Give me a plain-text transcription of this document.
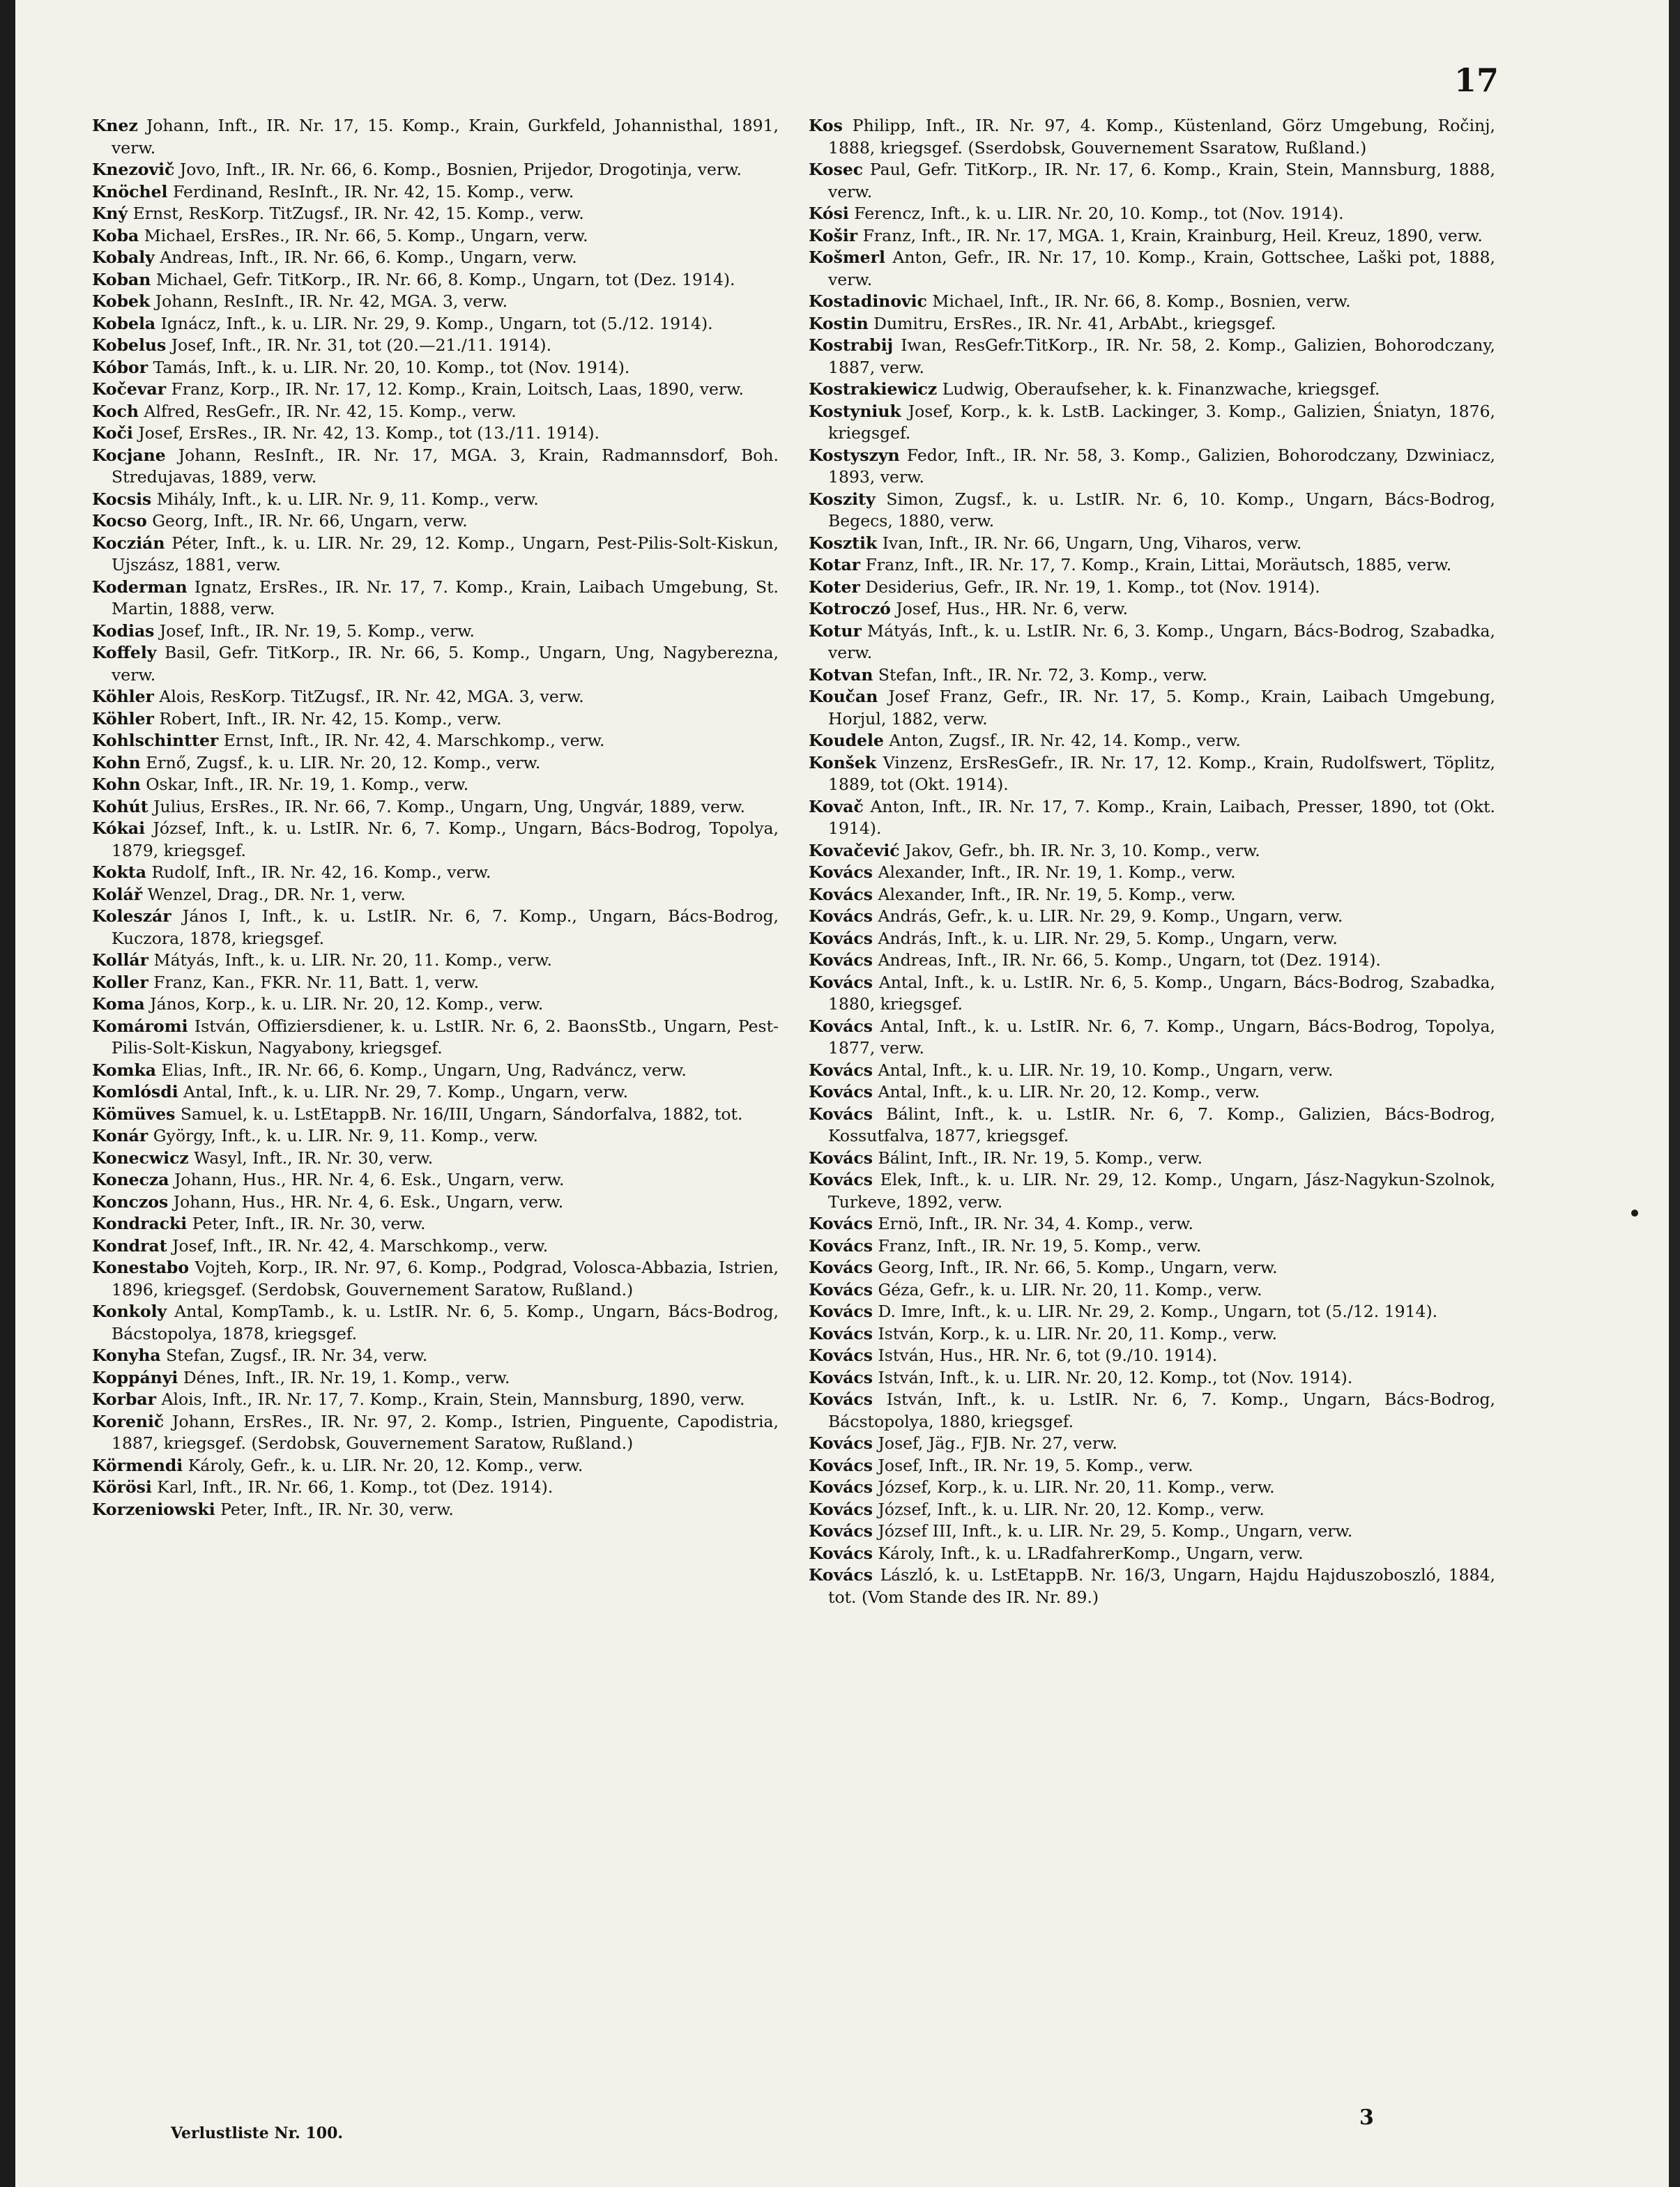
17

Knez Johann, Inft., IR. Nr. 17, 15. Komp., Krain, Gurkfeld, Johannisthal, 1891, verw.

Knezovič Jovo, Inft., IR. Nr. 66, 6. Komp., Bosnien, Prijedor, Drogotinja, verw.

Knöchel Ferdinand, ResInft., IR. Nr. 42, 15. Komp., verw.

Kný Ernst, ResKorp. TitZugsf., IR. Nr. 42, 15. Komp., verw.

Koba Michael, ErsRes., IR. Nr. 66, 5. Komp., Ungarn, verw.

Kobaly Andreas, Inft., IR. Nr. 66, 6. Komp., Ungarn, verw.

Koban Michael, Gefr. TitKorp., IR. Nr. 66, 8. Komp., Ungarn, tot (Dez. 1914).

Kobek Johann, ResInft., IR. Nr. 42, MGA. 3, verw.

Kobela Ignácz, Inft., k. u. LIR. Nr. 29, 9. Komp., Ungarn, tot (5./12. 1914).

Kobelus Josef, Inft., IR. Nr. 31, tot (20.—21./11. 1914).

Kóbor Tamás, Inft., k. u. LIR. Nr. 20, 10. Komp., tot (Nov. 1914).

Kočevar Franz, Korp., IR. Nr. 17, 12. Komp., Krain, Loitsch, Laas, 1890, verw.

Koch Alfred, ResGefr., IR. Nr. 42, 15. Komp., verw.

Koči Josef, ErsRes., IR. Nr. 42, 13. Komp., tot (13./11. 1914).

Kocjane Johann, ResInft., IR. Nr. 17, MGA. 3, Krain, Radmannsdorf, Boh. Stredujavas, 1889, verw.

Kocsis Mihály, Inft., k. u. LIR. Nr. 9, 11. Komp., verw.

Kocso Georg, Inft., IR. Nr. 66, Ungarn, verw.

Koczián Péter, Inft., k. u. LIR. Nr. 29, 12. Komp., Ungarn, Pest-Pilis-Solt-Kiskun, Ujszász, 1881, verw.

Koderman Ignatz, ErsRes., IR. Nr. 17, 7. Komp., Krain, Laibach Umgebung, St. Martin, 1888, verw.

Kodias Josef, Inft., IR. Nr. 19, 5. Komp., verw.

Koffely Basil, Gefr. TitKorp., IR. Nr. 66, 5. Komp., Ungarn, Ung, Nagyberezna, verw.

Köhler Alois, ResKorp. TitZugsf., IR. Nr. 42, MGA. 3, verw.

Köhler Robert, Inft., IR. Nr. 42, 15. Komp., verw.

Kohlschintter Ernst, Inft., IR. Nr. 42, 4. Marschkomp., verw.

Kohn Ernő, Zugsf., k. u. LIR. Nr. 20, 12. Komp., verw.

Kohn Oskar, Inft., IR. Nr. 19, 1. Komp., verw.

Kohút Julius, ErsRes., IR. Nr. 66, 7. Komp., Ungarn, Ung, Ungvár, 1889, verw.

Kókai József, Inft., k. u. LstIR. Nr. 6, 7. Komp., Ungarn, Bács-Bodrog, Topolya, 1879, kriegsgef.

Kokta Rudolf, Inft., IR. Nr. 42, 16. Komp., verw.

Kolář Wenzel, Drag., DR. Nr. 1, verw.

Koleszár János I, Inft., k. u. LstIR. Nr. 6, 7. Komp., Ungarn, Bács-Bodrog, Kuczora, 1878, kriegsgef.

Kollár Mátyás, Inft., k. u. LIR. Nr. 20, 11. Komp., verw.

Koller Franz, Kan., FKR. Nr. 11, Batt. 1, verw.

Koma János, Korp., k. u. LIR. Nr. 20, 12. Komp., verw.

Komáromi István, Offiziersdiener, k. u. LstIR. Nr. 6, 2. BaonsStb., Ungarn, Pest-Pilis-Solt-Kiskun, Nagyabony, kriegsgef.

Komka Elias, Inft., IR. Nr. 66, 6. Komp., Ungarn, Ung, Radváncz, verw.

Komlósdi Antal, Inft., k. u. LIR. Nr. 29, 7. Komp., Ungarn, verw.

Kömüves Samuel, k. u. LstEtappB. Nr. 16/III, Ungarn, Sándorfalva, 1882, tot.

Konár György, Inft., k. u. LIR. Nr. 9, 11. Komp., verw.

Konecwicz Wasyl, Inft., IR. Nr. 30, verw.

Konecza Johann, Hus., HR. Nr. 4, 6. Esk., Ungarn, verw.

Konczos Johann, Hus., HR. Nr. 4, 6. Esk., Ungarn, verw.

Kondracki Peter, Inft., IR. Nr. 30, verw.

Kondrat Josef, Inft., IR. Nr. 42, 4. Marschkomp., verw.

Konestabo Vojteh, Korp., IR. Nr. 97, 6. Komp., Podgrad, Volosca-Abbazia, Istrien, 1896, kriegsgef. (Serdobsk, Gouvernement Saratow, Rußland.)

Konkoly Antal, KompTamb., k. u. LstIR. Nr. 6, 5. Komp., Ungarn, Bács-Bodrog, Bácstopolya, 1878, kriegsgef.

Konyha Stefan, Zugsf., IR. Nr. 34, verw.

Koppányi Dénes, Inft., IR. Nr. 19, 1. Komp., verw.

Korbar Alois, Inft., IR. Nr. 17, 7. Komp., Krain, Stein, Mannsburg, 1890, verw.

Korenič Johann, ErsRes., IR. Nr. 97, 2. Komp., Istrien, Pinguente, Capodistria, 1887, kriegsgef. (Serdobsk, Gouvernement Saratow, Rußland.)

Körmendi Károly, Gefr., k. u. LIR. Nr. 20, 12. Komp., verw.

Körösi Karl, Inft., IR. Nr. 66, 1. Komp., tot (Dez. 1914).

Korzeniowski Peter, Inft., IR. Nr. 30, verw.

Kos Philipp, Inft., IR. Nr. 97, 4. Komp., Küstenland, Görz Umgebung, Ročinj, 1888, kriegsgef. (Sserdobsk, Gouvernement Ssaratow, Rußland.)

Kosec Paul, Gefr. TitKorp., IR. Nr. 17, 6. Komp., Krain, Stein, Mannsburg, 1888, verw.

Kósi Ferencz, Inft., k. u. LIR. Nr. 20, 10. Komp., tot (Nov. 1914).

Košir Franz, Inft., IR. Nr. 17, MGA. 1, Krain, Krainburg, Heil. Kreuz, 1890, verw.

Košmerl Anton, Gefr., IR. Nr. 17, 10. Komp., Krain, Gottschee, Laški pot, 1888, verw.

Kostadinovic Michael, Inft., IR. Nr. 66, 8. Komp., Bosnien, verw.

Kostin Dumitru, ErsRes., IR. Nr. 41, ArbAbt., kriegsgef.

Kostrabij Iwan, ResGefr.TitKorp., IR. Nr. 58, 2. Komp., Galizien, Bohorodczany, 1887, verw.

Kostrakiewicz Ludwig, Oberaufseher, k. k. Finanzwache, kriegsgef.

Kostyniuk Josef, Korp., k. k. LstB. Lackinger, 3. Komp., Galizien, Śniatyn, 1876, kriegsgef.

Kostyszyn Fedor, Inft., IR. Nr. 58, 3. Komp., Galizien, Bohorodczany, Dzwiniacz, 1893, verw.

Koszity Simon, Zugsf., k. u. LstIR. Nr. 6, 10. Komp., Ungarn, Bács-Bodrog, Begecs, 1880, verw.

Kosztik Ivan, Inft., IR. Nr. 66, Ungarn, Ung, Viharos, verw.

Kotar Franz, Inft., IR. Nr. 17, 7. Komp., Krain, Littai, Moräutsch, 1885, verw.

Koter Desiderius, Gefr., IR. Nr. 19, 1. Komp., tot (Nov. 1914).

Kotroczó Josef, Hus., HR. Nr. 6, verw.

Kotur Mátyás, Inft., k. u. LstIR. Nr. 6, 3. Komp., Ungarn, Bács-Bodrog, Szabadka, verw.

Kotvan Stefan, Inft., IR. Nr. 72, 3. Komp., verw.

Koučan Josef Franz, Gefr., IR. Nr. 17, 5. Komp., Krain, Laibach Umgebung, Horjul, 1882, verw.

Koudele Anton, Zugsf., IR. Nr. 42, 14. Komp., verw.

Konšek Vinzenz, ErsResGefr., IR. Nr. 17, 12. Komp., Krain, Rudolfswert, Töplitz, 1889, tot (Okt. 1914).

Kovač Anton, Inft., IR. Nr. 17, 7. Komp., Krain, Laibach, Presser, 1890, tot (Okt. 1914).

Kovačević Jakov, Gefr., bh. IR. Nr. 3, 10. Komp., verw.

Kovács Alexander, Inft., IR. Nr. 19, 1. Komp., verw.

Kovács Alexander, Inft., IR. Nr. 19, 5. Komp., verw.

Kovács András, Gefr., k. u. LIR. Nr. 29, 9. Komp., Ungarn, verw.

Kovács András, Inft., k. u. LIR. Nr. 29, 5. Komp., Ungarn, verw.

Kovács Andreas, Inft., IR. Nr. 66, 5. Komp., Ungarn, tot (Dez. 1914).

Kovács Antal, Inft., k. u. LstIR. Nr. 6, 5. Komp., Ungarn, Bács-Bodrog, Szabadka, 1880, kriegsgef.

Kovács Antal, Inft., k. u. LstIR. Nr. 6, 7. Komp., Ungarn, Bács-Bodrog, Topolya, 1877, verw.

Kovács Antal, Inft., k. u. LIR. Nr. 19, 10. Komp., Ungarn, verw.

Kovács Antal, Inft., k. u. LIR. Nr. 20, 12. Komp., verw.

Kovács Bálint, Inft., k. u. LstIR. Nr. 6, 7. Komp., Galizien, Bács-Bodrog, Kossutfalva, 1877, kriegsgef.

Kovács Bálint, Inft., IR. Nr. 19, 5. Komp., verw.

Kovács Elek, Inft., k. u. LIR. Nr. 29, 12. Komp., Ungarn, Jász-Nagykun-Szolnok, Turkeve, 1892, verw.

Kovács Ernö, Inft., IR. Nr. 34, 4. Komp., verw.

Kovács Franz, Inft., IR. Nr. 19, 5. Komp., verw.

Kovács Georg, Inft., IR. Nr. 66, 5. Komp., Ungarn, verw.

Kovács Géza, Gefr., k. u. LIR. Nr. 20, 11. Komp., verw.

Kovács D. Imre, Inft., k. u. LIR. Nr. 29, 2. Komp., Ungarn, tot (5./12. 1914).

Kovács István, Korp., k. u. LIR. Nr. 20, 11. Komp., verw.

Kovács István, Hus., HR. Nr. 6, tot (9./10. 1914).

Kovács István, Inft., k. u. LIR. Nr. 20, 12. Komp., tot (Nov. 1914).

Kovács István, Inft., k. u. LstIR. Nr. 6, 7. Komp., Ungarn, Bács-Bodrog, Bácstopolya, 1880, kriegsgef.

Kovács Josef, Jäg., FJB. Nr. 27, verw.

Kovács Josef, Inft., IR. Nr. 19, 5. Komp., verw.

Kovács József, Korp., k. u. LIR. Nr. 20, 11. Komp., verw.

Kovács József, Inft., k. u. LIR. Nr. 20, 12. Komp., verw.

Kovács József III, Inft., k. u. LIR. Nr. 29, 5. Komp., Ungarn, verw.

Kovács Károly, Inft., k. u. LRadfahrerKomp., Ungarn, verw.

Kovács László, k. u. LstEtappB. Nr. 16/3, Ungarn, Hajdu Hajduszoboszló, 1884, tot. (Vom Stande des IR. Nr. 89.)

Verlustliste Nr. 100.
3
